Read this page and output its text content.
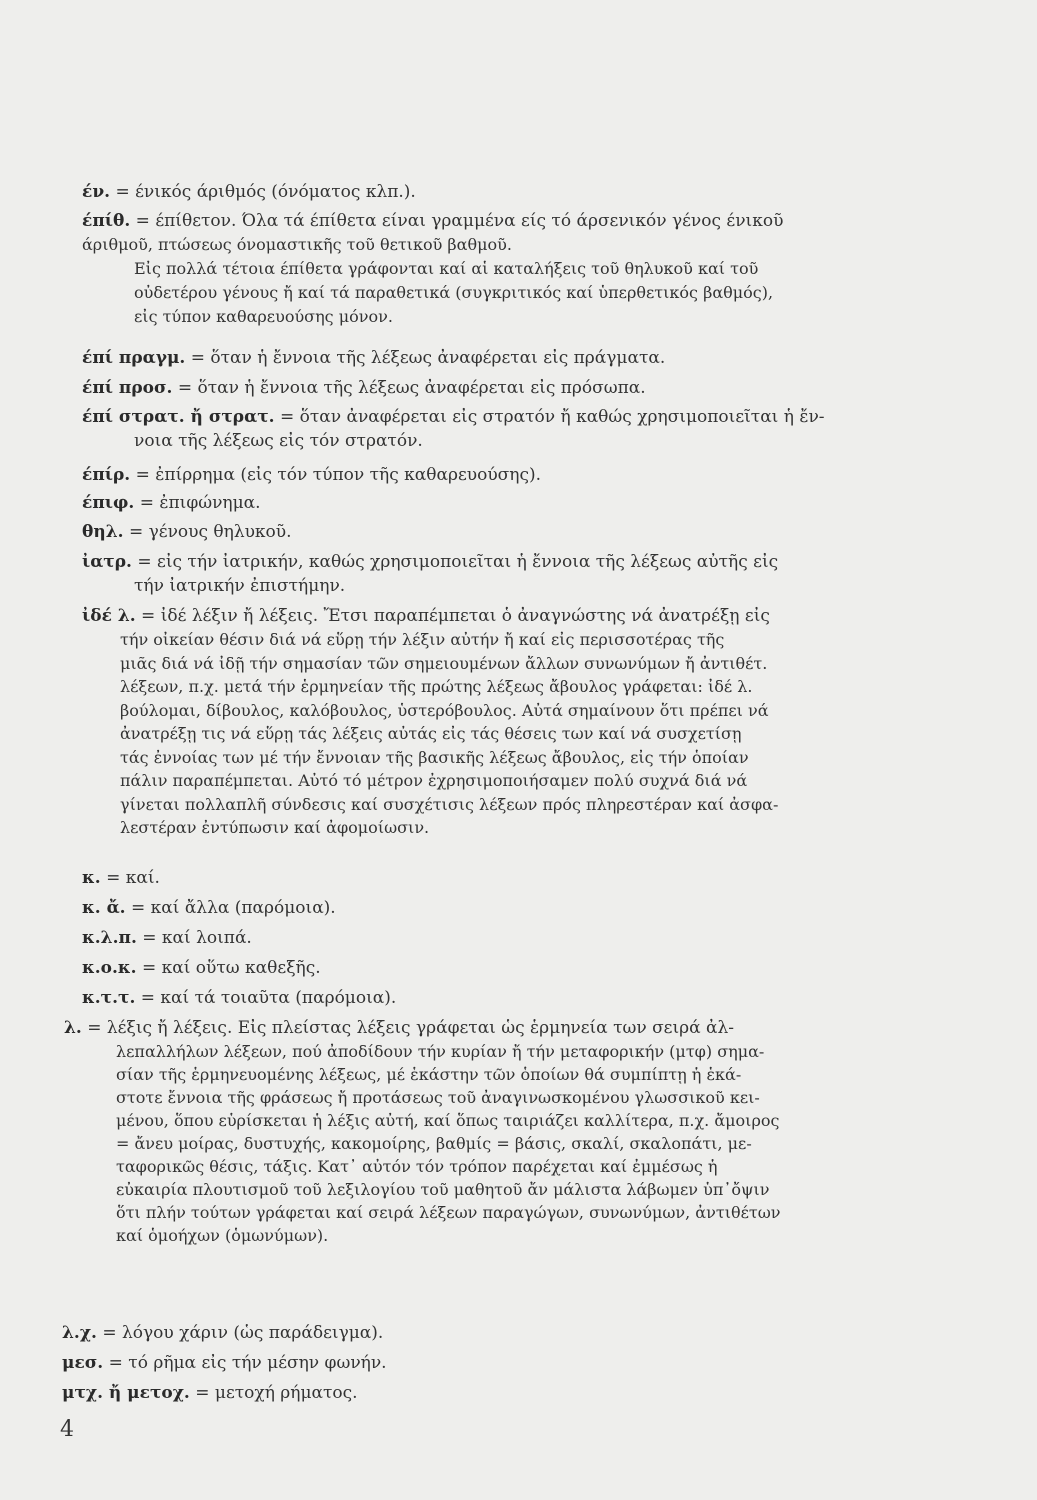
έν. = ένικός άριθμός (όνόματος κλπ.).
έπίθ. = έπίθετον. Όλα τά έπίθετα είναι γραμμένα είς τό άρσενικόν γένος ένικοῦ
άριθμοῦ, πτώσεως όνομαστικῆς τοῦ θετικοῦ βαθμοῦ.
Εἰς πολλά τέτοια έπίθετα γράφονται καί αἱ καταλήξεις τοῦ θηλυκοῦ καί τοῦ
οὐδετέρου γένους ἤ καί τά παραθετικά (συγκριτικός καί ὑπερθετικός βαθμός),
εἰς τύπον καθαρευούσης μόνον.
έπί πραγμ. = ὅταν ἡ ἔννοια τῆς λέξεως ἀναφέρεται εἰς πράγματα.
έπί προσ. = ὅταν ἡ ἔννοια τῆς λέξεως ἀναφέρεται εἰς πρόσωπα.
έπί στρατ. ἤ στρατ. = ὅταν ἀναφέρεται εἰς στρατόν ἤ καθώς χρησιμοποιεῖται ἡ ἔν-
νοια τῆς λέξεως εἰς τόν στρατόν.
έπίρ. = ἐπίρρημα (εἰς τόν τύπον τῆς καθαρευούσης).
έπιφ. = ἐπιφώνημα.
θηλ. = γένους θηλυκοῦ.
ἰατρ. = εἰς τήν ἰατρικήν, καθώς χρησιμοποιεῖται ἡ ἔννοια τῆς λέξεως αὐτῆς εἰς
τήν ἰατρικήν ἐπιστήμην.
ἰδέ λ. = ἰδέ λέξιν ἤ λέξεις. Ἔτσι παραπέμπεται ὁ ἀναγνώστης νά ἀνατρέξῃ εἰς
τήν οἰκείαν θέσιν διά νά εὕρῃ τήν λέξιν αὐτήν ἤ καί εἰς περισσοτέρας τῆς
μιᾶς διά νά ἰδῇ τήν σημασίαν τῶν σημειουμένων ἄλλων συνωνύμων ἤ ἀντιθέτ.
λέξεων, π.χ. μετά τήν ἑρμηνείαν τῆς πρώτης λέξεως ἄβουλος γράφεται: ἰδέ λ.
βούλομαι, δίβουλος, καλόβουλος, ὑστερόβουλος. Αὐτά σημαίνουν ὅτι πρέπει νά
ἀνατρέξῃ τις νά εὕρῃ τάς λέξεις αὐτάς εἰς τάς θέσεις των καί νά συσχετίσῃ
τάς ἐννοίας των μέ τήν ἔννοιαν τῆς βασικῆς λέξεως ἄβουλος, εἰς τήν ὁποίαν
πάλιν παραπέμπεται. Αὐτό τό μέτρον ἐχρησιμοποιήσαμεν πολύ συχνά διά νά
γίνεται πολλαπλῆ σύνδεσις καί συσχέτισις λέξεων πρός πληρεστέραν καί ἀσφα-
λεστέραν ἐντύπωσιν καί ἀφομοίωσιν.
κ. = καί.
κ. ἄ. = καί ἄλλα (παρόμοια).
κ.λ.π. = καί λοιπά.
κ.ο.κ. = καί οὕτω καθεξῆς.
κ.τ.τ. = καί τά τοιαῦτα (παρόμοια).
λ. = λέξις ἤ λέξεις. Εἰς πλείστας λέξεις γράφεται ὡς ἑρμηνεία των σειρά ἀλ-
λεπαλλήλων λέξεων, πού ἀποδίδουν τήν κυρίαν ἤ τήν μεταφορικήν (μτφ) σημα-
σίαν τῆς ἑρμηνευομένης λέξεως, μέ ἑκάστην τῶν ὁποίων θά συμπίπτῃ ἡ ἑκά-
στοτε ἔννοια τῆς φράσεως ἤ προτάσεως τοῦ ἀναγινωσκομένου γλωσσικοῦ κει-
μένου, ὅπου εὑρίσκεται ἡ λέξις αὐτή, καί ὅπως ταιριάζει καλλίτερα, π.χ. ἄμοιρος
= ἄνευ μοίρας, δυστυχής, κακομοίρης, βαθμίς = βάσις, σκαλί, σκαλοπάτι, με-
ταφορικῶς θέσις, τάξις. Κατ᾿ αὐτόν τόν τρόπον παρέχεται καί ἐμμέσως ἡ
εὐκαιρία πλουτισμοῦ τοῦ λεξιλογίου τοῦ μαθητοῦ ἄν μάλιστα λάβωμεν ὑπ᾿ὄψιν
ὅτι πλήν τούτων γράφεται καί σειρά λέξεων παραγώγων, συνωνύμων, ἀντιθέτων
καί ὁμοήχων (ὁμωνύμων).
λ.χ. = λόγου χάριν (ὡς παράδειγμα).
μεσ. = τό ρῆμα εἰς τήν μέσην φωνήν.
μτχ. ἤ μετοχ. = μετοχή ρήματος.
4
